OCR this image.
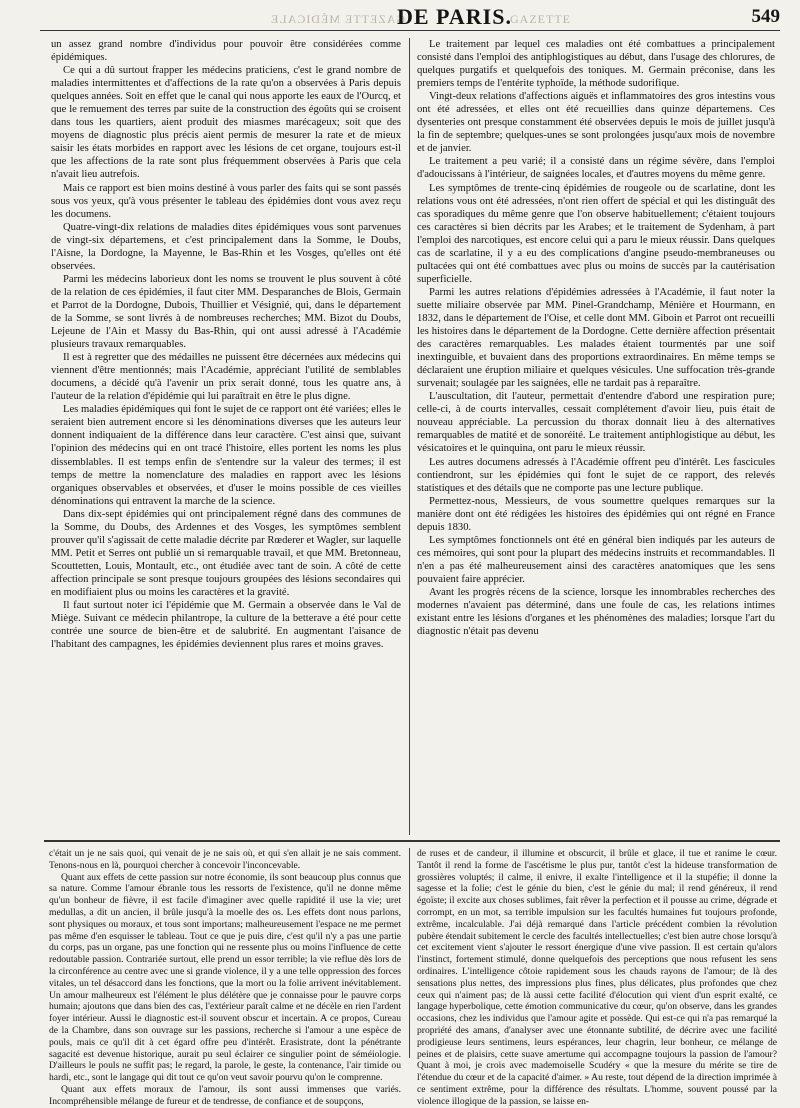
GAZETTE MÉDICALE
DE PARIS.
GAZETTE	549

un assez grand nombre d'individus pour pouvoir être considérées comme épidémiques.

Ce qui a dû surtout frapper les médecins praticiens, c'est le grand nombre de maladies intermittentes et d'affections de la rate qu'on a observées à Paris depuis quelques années. Soit en effet que le canal qui nous apporte les eaux de l'Ourcq, et que le remuement des terres par suite de la construction des égoûts qui se croisent dans tous les quartiers, aient produit des miasmes marécageux; soit que des moyens de diagnostic plus précis aient permis de mesurer la rate et de mieux saisir les états morbides en rapport avec les lésions de cet organe, toujours est-il que les affections de la rate sont plus fréquemment observées à Paris que cela n'avait lieu autrefois.

Mais ce rapport est bien moins destiné à vous parler des faits qui se sont passés sous vos yeux, qu'à vous présenter le tableau des épidémies dont vous avez reçu les documens.

Quatre-vingt-dix relations de maladies dites épidémiques vous sont parvenues de vingt-six départemens, et c'est principalement dans la Somme, le Doubs, l'Aisne, la Dordogne, la Mayenne, le Bas-Rhin et les Vosges, qu'elles ont été observées.

Parmi les médecins laborieux dont les noms se trouvent le plus souvent à côté de la relation de ces épidémies, il faut citer MM. Desparanches de Blois, Germain et Parrot de la Dordogne, Dubois, Thuillier et Vésignié, qui, dans le département de la Somme, se sont livrés à de nombreuses recherches; MM. Bizot du Doubs, Lejeune de l'Ain et Massy du Bas-Rhin, qui ont aussi adressé à l'Académie plusieurs travaux remarquables.

Il est à regretter que des médailles ne puissent être décernées aux médecins qui viennent d'être mentionnés; mais l'Académie, appréciant l'utilité de semblables documens, a décidé qu'à l'avenir un prix serait donné, tous les quatre ans, à l'auteur de la relation d'épidémie qui lui paraîtrait en être le plus digne.

Les maladies épidémiques qui font le sujet de ce rapport ont été variées; elles le seraient bien autrement encore si les dénominations diverses que les auteurs leur donnent indiquaient de la différence dans leur caractère. C'est ainsi que, suivant l'opinion des médecins qui en ont tracé l'histoire, elles portent les noms les plus dissemblables. Il est temps enfin de s'entendre sur la valeur des termes; il est temps de mettre la nomenclature des maladies en rapport avec les lésions organiques observables et observées, et d'user le moins possible de ces vieilles dénominations qui entravent la marche de la science.

Dans dix-sept épidémies qui ont principalement régné dans des communes de la Somme, du Doubs, des Ardennes et des Vosges, les symptômes semblent prouver qu'il s'agissait de cette maladie décrite par Rœderer et Wagler, sur laquelle MM. Petit et Serres ont publié un si remarquable travail, et que MM. Bretonneau, Scouttetten, Louis, Montault, etc., ont étudiée avec tant de soin. A côté de cette affection principale se sont presque toujours groupées des lésions secondaires qui en modifiaient plus ou moins les caractères et la gravité.

Il faut surtout noter ici l'épidémie que M. Germain a observée dans le Val de Miège. Suivant ce médecin philantrope, la culture de la betterave a été pour cette contrée une source de bien-être et de salubrité. En augmentant l'aisance de l'habitant des campagnes, les épidémies deviennent plus rares et moins graves.

Le traitement par lequel ces maladies ont été combattues a principalement consisté dans l'emploi des antiphlogistiques au début, dans l'usage des chlorures, de quelques purgatifs et quelquefois des toniques. M. Germain préconise, dans les premiers temps de l'entérite typhoïde, la méthode sudorifique.

Vingt-deux relations d'affections aiguës et inflammatoires des gros intestins vous ont été adressées, et elles ont été recueillies dans quinze départemens. Ces dysenteries ont presque constamment été observées depuis le mois de juillet jusqu'à la fin de septembre; quelques-unes se sont prolongées jusqu'aux mois de novembre et de janvier.

Le traitement a peu varié; il a consisté dans un régime sévère, dans l'emploi d'adoucissans à l'intérieur, de saignées locales, et d'autres moyens du même genre.

Les symptômes de trente-cinq épidémies de rougeole ou de scarlatine, dont les relations vous ont été adressées, n'ont rien offert de spécial et qui les distinguât des cas sporadiques du même genre que l'on observe habituellement; c'étaient toujours ces caractères si bien décrits par les Arabes; et le traitement de Sydenham, à part l'emploi des narcotiques, est encore celui qui a paru le mieux réussir. Dans quelques cas de scarlatine, il y a eu des complications d'angine pseudo-membraneuses ou pultacées qui ont été combattues avec plus ou moins de succès par la cautérisation superficielle.

Parmi les autres relations d'épidémies adressées à l'Académie, il faut noter la suette miliaire observée par MM. Pinel-Grandchamp, Ménière et Hourmann, en 1832, dans le département de l'Oise, et celle dont MM. Giboin et Parrot ont recueilli les histoires dans le département de la Dordogne. Cette dernière affection présentait des caractères remarquables. Les malades étaient tourmentés par une soif inextinguible, et buvaient dans des proportions extraordinaires. En même temps se déclaraient une éruption miliaire et quelques vésicules. Une suffocation très-grande survenait; soulagée par les saignées, elle ne tardait pas à reparaître.

L'auscultation, dit l'auteur, permettait d'entendre d'abord une respiration pure; celle-ci, à de courts intervalles, cessait complétement d'avoir lieu, puis était de nouveau appréciable. La percussion du thorax donnait lieu à des alternatives remarquables de matité et de sonoréité. Le traitement antiphlogistique au début, les vésicatoires et le quinquina, ont paru le mieux réussir.

Les autres documens adressés à l'Académie offrent peu d'intérêt. Les fascicules contiendront, sur les épidémies qui font le sujet de ce rapport, des relevés statistiques et des détails que ne comporte pas une lecture publique.

Permettez-nous, Messieurs, de vous soumettre quelques remarques sur la manière dont ont été rédigées les histoires des épidémies qui ont régné en France depuis 1830.

Les symptômes fonctionnels ont été en général bien indiqués par les auteurs de ces mémoires, qui sont pour la plupart des médecins instruits et recommandables. Il n'en a pas été malheureusement ainsi des caractères anatomiques que les sens pouvaient faire apprécier.

Avant les progrès récens de la science, lorsque les innombrables recherches des modernes n'avaient pas déterminé, dans une foule de cas, les relations intimes existant entre les lésions d'organes et les phénomènes des maladies; lorsque l'art du diagnostic n'était pas devenu

c'était un je ne sais quoi, qui venait de je ne sais où, et qui s'en allait je ne sais comment. Tenons-nous en là, pourquoi chercher à concevoir l'inconcevable.

Quant aux effets de cette passion sur notre économie, ils sont beaucoup plus connus que sa nature. Comme l'amour ébranle tous les ressorts de l'existence, qu'il ne donne même qu'un bonheur de fièvre, il est facile d'imaginer avec quelle rapidité il use la vie; uret medullas, a dit un ancien, il brûle jusqu'à la moelle des os. Les effets dont nous parlons, sont physiques ou moraux, et tous sont importans; malheureusement l'espace ne me permet pas même d'en esquisser le tableau. Tout ce que je puis dire, c'est qu'il n'y a pas une partie du corps, pas un organe, pas une fonction qui ne ressente plus ou moins l'influence de cette redoutable passion. Contrariée surtout, elle prend un essor terrible; la vie reflue dès lors de la circonférence au centre avec une si grande violence, il y a une telle oppression des forces vitales, un tel désaccord dans les fonctions, que la mort ou la folie arrivent inévitablement. Un amour malheureux est l'élément le plus délétère que je connaisse pour le pauvre corps humain; ajoutons que dans bien des cas, l'extérieur paraît calme et ne décèle en rien l'ardent foyer intérieur. Aussi le diagnostic est-il souvent obscur et incertain. A ce propos, Cureau de la Chambre, dans son ouvrage sur les passions, recherche si l'amour a une espèce de pouls, mais ce qu'il dit à cet égard offre peu d'intérêt. Erasistrate, dont la pénétrante sagacité est devenue historique, aurait pu seul éclairer ce singulier point de séméiologie. D'ailleurs le pouls ne suffit pas; le regard, la parole, le geste, la contenance, l'air timide ou hardi, etc., sont le langage qui dit tout ce qu'on veut savoir pourvu qu'on le comprenne.

Quant aux effets moraux de l'amour, ils sont aussi immenses que variés. Incompréhensible mélange de fureur et de tendresse, de confiance et de soupçons,

de ruses et de candeur, il illumine et obscurcit, il brûle et glace, il tue et ranime le cœur. Tantôt il rend la forme de l'ascétisme le plus pur, tantôt c'est la hideuse transformation de grossières voluptés; il calme, il enivre, il exalte l'intelligence et il la stupéfie; il donne la sagesse et la folie; c'est le génie du bien, c'est le génie du mal; il rend généreux, il rend égoïste; il excite aux choses sublimes, fait rêver la perfection et il pousse au crime, dégrade et corrompt, en un mot, sa terrible impulsion sur les facultés humaines fut toujours profonde, extrême, incalculable. J'ai déjà remarqué dans l'article précédent combien la révolution pubère étendait subitement le cercle des facultés intellectuelles; c'est bien autre chose lorsqu'à cet excitement vient s'ajouter le ressort énergique d'une vive passion. Il est certain qu'alors l'instinct, fortement stimulé, donne quelquefois des perceptions que nous refusent les sens ordinaires. L'intelligence côtoie rapidement sous les chauds rayons de l'amour; de là des sensations plus nettes, des impressions plus fines, plus délicates, plus profondes que chez ceux qui n'aiment pas; de là aussi cette facilité d'élocution qui vient d'un esprit exalté, ce langage hyperbolique, cette émotion communicative du cœur, qu'on observe, dans les grandes occasions, chez les individus que l'amour agite et possède. Qui est-ce qui n'a pas remarqué la propriété des amans, d'analyser avec une étonnante subtilité, de décrire avec une facilité prodigieuse leurs sentimens, leurs espérances, leur chagrin, leur bonheur, ce mélange de peines et de plaisirs, cette suave amertume qui accompagne toujours la passion de l'amour? Quant à moi, je crois avec mademoiselle Scudéry « que la mesure du mérite se tire de l'étendue du cœur et de la capacité d'aimer. » Au reste, tout dépend de la direction imprimée à ce sentiment extrême, pour la différence des résultats. L'homme, souvent poussé par la violence illogique de la passion, se laisse en-
